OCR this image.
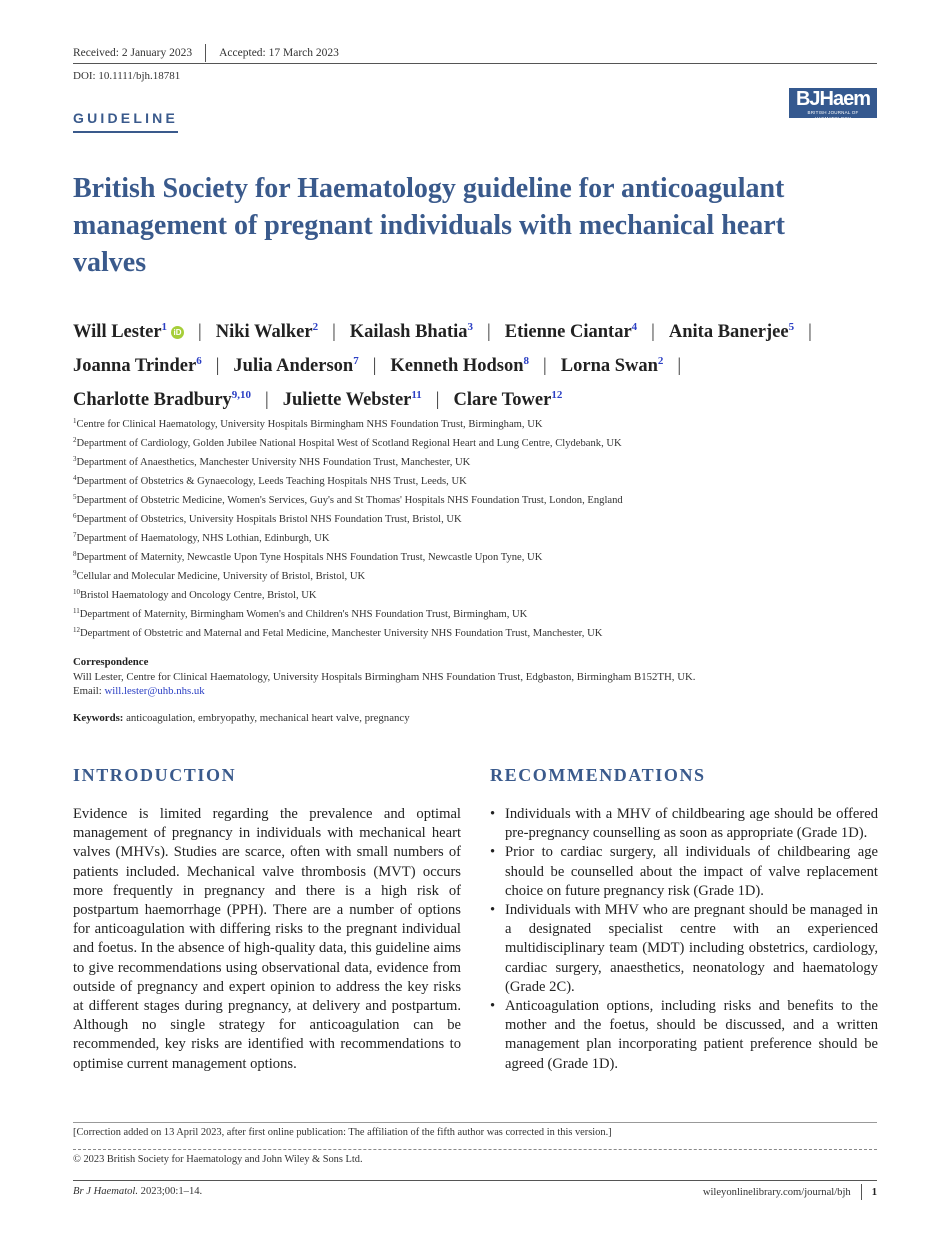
Received: 2 January 2023 Accepted: 17 March 2023
DOI: 10.1111/bjh.18781
GUIDELINE
BJHaem
BRITISH JOURNAL OF HAEMATOLOGY
British Society for Haematology guideline for anticoagulant management of pregnant individuals with mechanical heart valves
Will Lester$^1$ iD | Niki Walker$^2$ | Kailash Bhatia$^3$ | Etienne Ciantar$^4$ | Anita Banerjee$^5$ |
Joanna Trinder$^6$ | Julia Anderson$^7$ | Kenneth Hodson$^8$ | Lorna Swan$^2$ |
Charlotte Bradbury$^{9,10}$ | Juliette Webster$^{11}$ | Clare Tower$^{12}$
$^1$Centre for Clinical Haematology, University Hospitals Birmingham NHS Foundation Trust, Birmingham, UK
$^2$Department of Cardiology, Golden Jubilee National Hospital West of Scotland Regional Heart and Lung Centre, Clydebank, UK
$^3$Department of Anaesthetics, Manchester University NHS Foundation Trust, Manchester, UK
$^4$Department of Obstetrics & Gynaecology, Leeds Teaching Hospitals NHS Trust, Leeds, UK
$^5$Department of Obstetric Medicine, Women's Services, Guy's and St Thomas' Hospitals NHS Foundation Trust, London, England
$^6$Department of Obstetrics, University Hospitals Bristol NHS Foundation Trust, Bristol, UK
$^7$Department of Haematology, NHS Lothian, Edinburgh, UK
$^8$Department of Maternity, Newcastle Upon Tyne Hospitals NHS Foundation Trust, Newcastle Upon Tyne, UK
$^9$Cellular and Molecular Medicine, University of Bristol, Bristol, UK
$^{10}$Bristol Haematology and Oncology Centre, Bristol, UK
$^{11}$Department of Maternity, Birmingham Women's and Children's NHS Foundation Trust, Birmingham, UK
$^{12}$Department of Obstetric and Maternal and Fetal Medicine, Manchester University NHS Foundation Trust, Manchester, UK
Correspondence
Will Lester, Centre for Clinical Haematology, University Hospitals Birmingham NHS Foundation Trust, Edgbaston, Birmingham B152TH, UK.
Email: will.lester@uhb.nhs.uk
Keywords: anticoagulation, embryopathy, mechanical heart valve, pregnancy
INTRODUCTION

Evidence is limited regarding the prevalence and optimal management of pregnancy in individuals with mechanical heart valves (MHVs). Studies are scarce, often with small numbers of patients included. Mechanical valve thrombosis (MVT) occurs more frequently in pregnancy and there is a high risk of postpartum haemorrhage (PPH). There are a number of options for anticoagulation with differing risks to the pregnant individual and foetus. In the absence of high-quality data, this guideline aims to give recommendations using observational data, evidence from outside of pregnancy and expert opinion to address the key risks at different stages during pregnancy, at delivery and postpartum. Although no single strategy for anticoagulation can be recommended, key risks are identified with recommendations to optimise current management options.

RECOMMENDATIONS
• Individuals with a MHV of childbearing age should be offered pre-pregnancy counselling as soon as appropriate (Grade 1D).
• Prior to cardiac surgery, all individuals of childbearing age should be counselled about the impact of valve replacement choice on future pregnancy risk (Grade 1D).
• Individuals with MHV who are pregnant should be managed in a designated specialist centre with an experienced multidisciplinary team (MDT) including obstetrics, cardiology, cardiac surgery, anaesthetics, neonatology and haematology (Grade 2C).
• Anticoagulation options, including risks and benefits to the mother and the foetus, should be discussed, and a written management plan incorporating patient preference should be agreed (Grade 1D).
[Correction added on 13 April 2023, after first online publication: The affiliation of the fifth author was corrected in this version.]
© 2023 British Society for Haematology and John Wiley & Sons Ltd.
Br J Haematol. 2023;00:1–14.	wileyonlinelibrary.com/journal/bjh 1
